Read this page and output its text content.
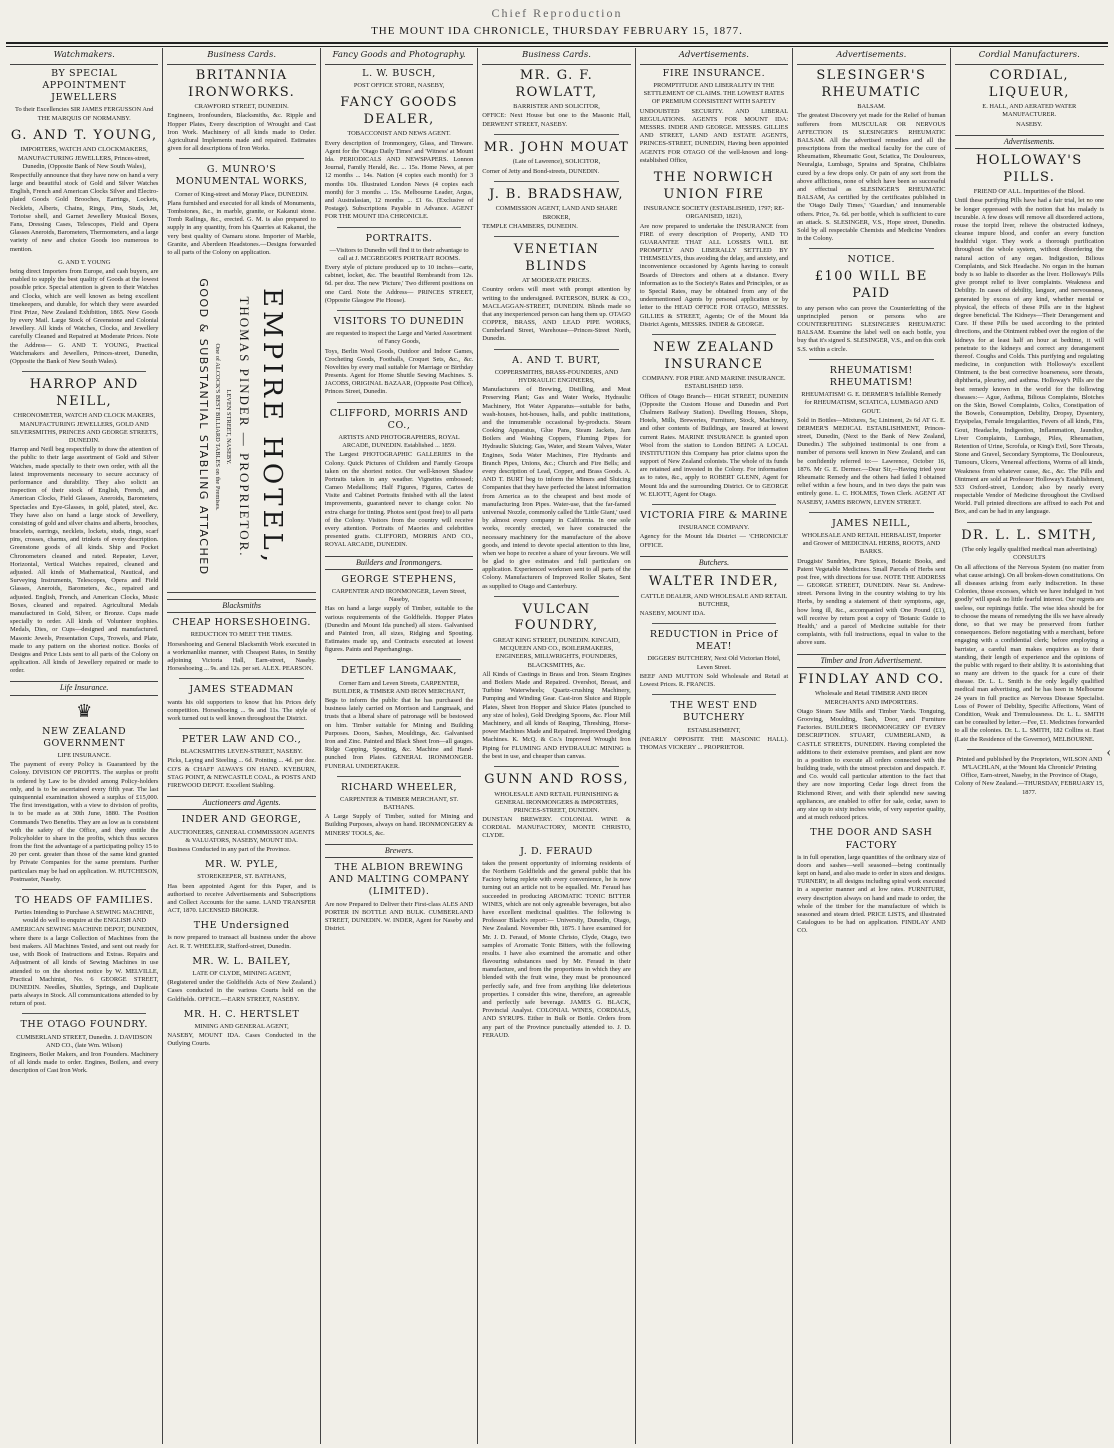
Chief Reproduction
THE MOUNT IDA CHRONICLE, THURSDAY FEBRUARY 15, 1877.
Watchmakers.
BY SPECIAL APPOINTMENT JEWELLERS
To their Excellencies SIR JAMES FERGUSSON And THE MARQUIS OF NORMANBY.
G. AND T. YOUNG,
IMPORTERS, WATCH AND CLOCKMAKERS, MANUFACTURING JEWELLERS, Princes-street, Dunedin, (Opposite Bank of New South Wales),
Respectfully announce that they have now on hand a very large and beautiful stock of Gold and Silver Watches English, French and American Clocks Silver and Electro-plated Goods Gold Brooches, Earrings, Lockets, Necklets, Alberts, Chains, Rings, Pins, Studs, Jet, Tortoise shell, and Garnet Jewellery Musical Boxes, Fans, Dressing Cases, Telescopes, Field and Opera Glasses Aneroids, Barometers, Thermometers, and a large variety of new and choice Goods too numerous to mention.
G. AND T. YOUNG
being direct Importers from Europe, and cash buyers, are enabled to supply the best quality of Goods at the lowest possible price. Special attention is given to their Watches and Clocks, which are well known as being excellent timekeepers, and durable, for which they were awarded First Prize, New Zealand Exhibition, 1865. New Goods by every Mail. Large Stock of Greenstone and Colonial Jewellery. All kinds of Watches, Clocks, and Jewellery carefully Cleaned and Repaired at Moderate Prices. Note the Address— G. AND T. YOUNG, Practical Watchmakers and Jewellers, Princes-street, Dunedin, (Opposite the Bank of New South Wales).
HARROP AND NEILL,
CHRONOMETER, WATCH AND CLOCK MAKERS, MANUFACTURING JEWELLERS, GOLD AND SILVERSMITHS, PRINCES AND GEORGE STREETS, DUNEDIN.
Harrop and Neill beg respectfully to draw the attention of the public to their large assortment of Gold and Silver Watches, made specially to their own order, with all the latest improvements necessary to secure accuracy of performance and durability. They also solicit an inspection of their stock of English, French, and American Clocks, Field Glasses, Aneroids, Barometers, Spectacles and Eye-Glasses, in gold, plated, steel, &c. They have also on hand a large stock of Jewellery, consisting of gold and silver chains and alberts, brooches, bracelets, earrings, necklets, lockets, studs, rings, scarf pins, crosses, charms, and trinkets of every description. Greenstone goods of all kinds. Ship and Pocket Chronometers cleaned and rated. Repeater, Lever, Horizontal, Vertical Watches repaired, cleaned and adjusted. All kinds of Mathematical, Nautical, and Surveying Instruments, Telescopes, Opera and Field Glasses, Aneroids, Barometers, &c., repaired and adjusted. English, French, and American Clocks, Music Boxes, cleaned and repaired. Agricultural Medals manufactured in Gold, Silver, or Bronze. Cups made specially to order. All kinds of Volunteer trophies. Medals, Dies, or Cups—designed and manufactured. Masonic Jewels, Presentation Cups, Trowels, and Plate, made to any pattern on the shortest notice. Books of Designs and Price Lists sent to all parts of the Colony on application. All kinds of Jewellery repaired or made to order.
Life Insurance.
♛
NEW ZEALAND GOVERNMENT
LIFE INSURANCE.
The payment of every Policy is Guaranteed by the Colony. DIVISION OF PROFITS. The surplus or profit is ordered by Law to be divided among Policy-holders only, and is to be ascertained every fifth year. The last quinquennial examination showed a surplus of £15,000. The first investigation, with a view to division of profits, is to be made as at 30th June, 1880. The Position Commands Two Benefits. They are as low as is consistent with the safety of the Office, and they entitle the Policyholder to share in the profits, which thus secures from the first the advantage of a participating policy 15 to 20 per cent. greater than those of the same kind granted by Private Companies for the same premium. Further particulars may be had on application. W. HUTCHESON, Postmaster, Naseby.
TO HEADS OF FAMILIES.
Parties Intending to Purchase A SEWING MACHINE, would do well to enquire at the ENGLISH AND AMERICAN SEWING MACHINE DEPOT, DUNEDIN,
where there is a large Collection of Machines from the best makers. All Machines Tested, and sent out ready for use, with Book of Instructions and Extras. Repairs and Adjustment of all kinds of Sewing Machines in use attended to on the shortest notice by W. MELVILLE, Practical Machinist, No. 6 GEORGE STREET, DUNEDIN. Needles, Shuttles, Springs, and Duplicate parts always in Stock. All communications attended to by return of post.
THE OTAGO FOUNDRY.
CUMBERLAND STREET, Dunedin. J. DAVIDSON AND CO., (late Wm. Wilson)
Engineers, Boiler Makers, and Iron Founders. Machinery of all kinds made to order. Engines, Boilers, and every description of Cast Iron Work.
Business Cards.
BRITANNIA IRONWORKS.
CRAWFORD STREET, DUNEDIN.
Engineers, Ironfounders, Blacksmiths, &c. Ripple and Hopper Plates, Every description of Wrought and Cast Iron Work. Machinery of all kinds made to Order. Agricultural Implements made and repaired. Estimates given for all descriptions of Iron Works.
G. MUNRO'S MONUMENTAL WORKS,
Corner of King-street and Moray Place, DUNEDIN.
Plans furnished and executed for all kinds of Monuments, Tombstones, &c., in marble, granite, or Kakanui stone. Tomb Railings, &c., erected. G. M. is also prepared to supply in any quantity, from his Quarries at Kakanui, the very best quality of Oamaru stone. Importer of Marble, Granite, and Aberdeen Headstones.—Designs forwarded to all parts of the Colony on application.
EMPIRE HOTEL,
THOMAS PINDER — PROPRIETOR.
LEVEN STREET, NASEBY.
One of ALCOCK'S BEST BILLIARD TABLES on the Premises.
GOOD & SUBSTANTIAL STABLING ATTACHED
Blacksmiths
CHEAP HORSESHOEING.
REDUCTION TO MEET THE TIMES.
Horseshoeing and General Blacksmith Work executed in a workmanlike manner, with Cheapest Rates, in Smithy adjoining Victoria Hall, Earn-street, Naseby. Horseshoeing ... 9s. and 12s. per set. ALEX. PEARSON.
JAMES STEADMAN
wants his old supporters to know that his Prices defy competition. Horseshoeing ... 9s and 11s. The style of work turned out is well known throughout the District.
PETER LAW AND CO.,
BLACKSMITHS LEVEN-STREET, NASEBY.
Picks, Laying and Steeling ... 6d. Pointing ... 4d. per doz. CO'S & CHAFF ALWAYS ON HAND. KYEBURN, STAG POINT, & NEWCASTLE COAL, & POSTS AND FIREWOOD DEPOT. Excellent Stabling.
Auctioneers and Agents.
INDER AND GEORGE,
AUCTIONEERS, GENERAL COMMISSION AGENTS & VALUATORS, NASEBY, MOUNT IDA.
Business Conducted in any part of the Province.
MR. W. PYLE,
STOREKEEPER, ST. BATHANS,
Has been appointed Agent for this Paper, and is authorised to receive Advertisements and Subscriptions and Collect Accounts for the same. LAND TRANSFER ACT, 1870. LICENSED BROKER.
THE Undersigned
is now prepared to transact all business under the above Act. R. T. WHEELER, Stafford-street, Dunedin.
MR. W. L. BAILEY,
LATE OF CLYDE, MINING AGENT,
(Registered under the Goldfields Acts of New Zealand.) Cases conducted in the various Courts held on the Goldfields. OFFICE.—EARN STREET, NASEBY.
MR. H. C. HERTSLET
MINING AND GENERAL AGENT,
NASEBY, MOUNT IDA. Cases Conducted in the Outlying Courts.
Fancy Goods and Photography.
L. W. BUSCH,
POST OFFICE STORE, NASEBY,
FANCY GOODS DEALER,
TOBACCONIST AND NEWS AGENT.
Every description of Ironmongery, Glass, and Tinware. Agent for the 'Otago Daily Times' and 'Witness' at Mount Ida. PERIODICALS AND NEWSPAPERS. Lonnon Journal, Family Herald, &c. ... 15s. Home News, at per 12 months ... 14s. Nation (4 copies each month) for 3 months 10s. Illustrated London News (4 copies each month) for 3 months ... 15s. Melbourne Leader, Argus, and Australasian, 12 months ... £1 6s. (Exclusive of Postage). Subscriptions Payable in Advance. AGENT FOR THE MOUNT IDA CHRONICLE.
PORTRAITS.
—Visitors to Dunedin will find it to their advantage to call at J. MCGREGOR'S PORTRAIT ROOMS.
Every style of picture produced up to 10 inches—carte, cabinet, locket, &c. The beautiful Rembrandt from 12s. 6d. per doz. The new 'Picture,' Two different positions on one Card. Note the Address— PRINCES STREET, (Opposite Glasgow Pie House).
VISITORS TO DUNEDIN
are requested to inspect the Large and Varied Assortment of Fancy Goods,
Toys, Berlin Wool Goods, Outdoor and Indoor Games, Crocheting Goods, Footballs, Croquet Sets, &c., &c. Novelties by every mail suitable for Marriage or Birthday Presents. Agent for Home Shuttle Sewing Machines. S. JACOBS, ORIGINAL BAZAAR, (Opposite Post Office), Princes Street, Dunedin.
CLIFFORD, MORRIS AND CO.,
ARTISTS AND PHOTOGRAPHERS, ROYAL ARCADE, DUNEDIN. Established ... 1859.
The Largest PHOTOGRAPHIC GALLERIES in the Colony. Quick Pictures of Children and Family Groups taken on the shortest notice. Our well-known Shadow Portraits taken in any weather. Vignettes embossed; Cameo Medallions; Half Figures, Figures, Cartes de Visite and Cabinet Portraits finished with all the latest improvements, guaranteed never to change color. No extra charge for tinting. Photos sent (post free) to all parts of the Colony. Visitors from the country will receive every attention. Portraits of Maories and celebrities presented gratis. CLIFFORD, MORRIS AND CO., ROYAL ARCADE, DUNEDIN.
Builders and Ironmongers.
GEORGE STEPHENS,
CARPENTER AND IRONMONGER, Leven Street, Naseby,
Has on hand a large supply of Timber, suitable to the various requirements of the Goldfields. Hopper Plates (Dunedin and Mount Ida punched) all sizes. Galvanised and Painted Iron, all sizes, Ridging and Spouting. Estimates made up, and Contracts executed at lowest figures. Paints and Paperhangings.
DETLEF LANGMAAK,
Corner Earn and Leven Streets, CARPENTER, BUILDER, & TIMBER AND IRON MERCHANT,
Begs to inform the public that he has purchased the business lately carried on Morrison and Langmaak, and trusts that a liberal share of patronage will be bestowed on him. Timber suitable for Mining and Building Purposes. Doors, Sashes, Mouldings, &c. Galvanised Iron and Zinc. Painted and Black Sheet Iron—all gauges. Ridge Capping, Spouting, &c. Machine and Hand-punched Iron Plates. GENERAL IRONMONGER. FUNERAL UNDERTAKER.
RICHARD WHEELER,
CARPENTER & TIMBER MERCHANT, ST. BATHANS.
A Large Supply of Timber, suited for Mining and Building Purposes, always on hand. IRONMONGERY & MINERS' TOOLS, &c.
Brewers.
THE ALBION BREWING AND MALTING COMPANY (LIMITED).
Are now Prepared to Deliver their First-class ALES AND PORTER IN BOTTLE AND BULK. CUMBERLAND STREET, DUNEDIN. W. INDER, Agent for Naseby and District.
Business Cards.
MR. G. F. ROWLATT,
BARRISTER AND SOLICITOR,
OFFICE: Next House but one to the Masonic Hall, DERWENT STREET, NASEBY.
MR. JOHN MOUAT
(Late of Lawrence), SOLICITOR,
Corner of Jetty and Bond-streets, DUNEDIN.
J. B. BRADSHAW,
COMMISSION AGENT, LAND AND SHARE BROKER,
TEMPLE CHAMBERS, DUNEDIN.
VENETIAN BLINDS
AT MODERATE PRICES.
Country orders will meet with prompt attention by writing to the undersigned. PATERSON, BURK & CO., MACLAGGAN-STREET, DUNEDIN. Blinds made so that any inexperienced person can hang them up. OTAGO COPPER, BRASS, AND LEAD PIPE WORKS, Cumberland Street, Warehouse—Princes-Street North, Dunedin.
A. AND T. BURT,
COPPERSMITHS, BRASS-FOUNDERS, AND HYDRAULIC ENGINEERS,
Manufacturers of Brewing, Distilling, and Meat Preserving Plant; Gas and Water Works, Hydraulic Machinery, Hot Water Apparatus—suitable for baths, wash-houses, hot-houses, halls, and public institutions, and the innumerable occasional by-products. Steam Cooking Apparatus, Glue Pans, Steam Jackets, Jam Boilers and Washing Coppers, Fluming Pipes for Hydraulic Sluicing; Gas, Water, and Steam Valves, Water Engines, Soda Water Machines, Fire Hydrants and Branch Pipes, Unions, &c.; Church and Fire Bells; and every description of Lead, Copper, and Brass Goods. A. AND T. BURT beg to inform the Miners and Sluicing Companies that they have perfected the latest information from America as to the cheapest and best mode of manufacturing Iron Pipes. Water-use, that the far-famed universal Nozzle, commonly called the 'Little Giant,' used by almost every company in California. In one sole works, recently erected, we have constructed the necessary machinery for the manufacture of the above goods, and intend to devote special attention to this line, when we hope to receive a share of your favours. We will be glad to give estimates and full particulars on application. Experienced workmen sent to all parts of the Colony. Manufacturers of Improved Roller Skates, Sent as supplied to Otago and Canterbury.
VULCAN FOUNDRY,
GREAT KING STREET, DUNEDIN. KINCAID, MCQUEEN AND CO., BOILERMAKERS, ENGINEERS, MILLWRIGHTS, FOUNDERS, BLACKSMITHS, &c.
All Kinds of Castings in Brass and Iron. Steam Engines and Boilers Made and Repaired. Overshot, Breast, and Turbine Waterwheels; Quartz-crushing Machinery, Pumping and Winding Gear. Cast-iron Sluice and Ripple Plates, Sheet Iron Hopper and Sluice Plates (punched to any size of holes), Gold Dredging Spoons, &c. Flour Mill Machinery, and all kinds of Reaping, Threshing, Horse-power Machines Made and Repaired. Improved Dredging Machines. K. McQ. & Co.'s Improved Wrought Iron Piping for FLUMING AND HYDRAULIC MINING is the best in use, and cheaper than canvas.
GUNN AND ROSS,
WHOLESALE AND RETAIL FURNISHING & GENERAL IRONMONGERS & IMPORTERS, PRINCES-STREET, DUNEDIN.
DUNSTAN BREWERY. COLONIAL WINE & CORDIAL MANUFACTORY, MONTE CHRISTO, CLYDE.
J. D. FERAUD
takes the present opportunity of informing residents of the Northern Goldfields and the general public that his Factory being replete with every convenience, he is now turning out an article not to be equalled. Mr. Feraud has succeeded in producing AROMATIC TONIC BITTER WINES, which are not only agreeable beverages, but also have excellent medicinal qualities. The following is Professor Black's report:— University, Dunedin, Otago, New Zealand. November 8th, 1875. I have examined for Mr. J. D. Feraud, of Monte Christo, Clyde, Otago, two samples of Aromatic Tonic Bitters, with the following results. I have also examined the aromatic and other flavouring substances used by Mr. Feraud in their manufacture, and from the proportions in which they are blended with the fruit wine, they must be pronounced perfectly safe, and free from anything like deleterious properties. I consider this wine, therefore, an agreeable and perfectly safe beverage. JAMES G. BLACK, Provincial Analyst. COLONIAL WINES, CORDIALS, AND SYRUPS. Either in Bulk or Bottle. Orders from any part of the Province punctually attended to. J. D. FERAUD.
Advertisements.
FIRE INSURANCE.
PROMPTITUDE AND LIBERALITY IN THE SETTLEMENT OF CLAIMS. THE LOWEST RATES OF PREMIUM CONSISTENT WITH SAFETY
UNDOUBTED SECURITY. AND LIBERAL REGULATIONS. AGENTS FOR MOUNT IDA: MESSRS. INDER AND GEORGE. MESSRS. GILLIES AND STREET, LAND AND ESTATE AGENTS, PRINCES-STREET, DUNEDIN, Having been appointed AGENTS FOR OTAGO Of the well-known and long-established Office,
THE NORWICH UNION FIRE
INSURANCE SOCIETY (ESTABLISHED, 1797; RE-ORGANISED, 1821),
Are now prepared to undertake the INSURANCE from FIRE of every description of Property, AND TO GUARANTEE THAT ALL LOSSES WILL BE PROMPTLY AND LIBERALLY SETTLED BY THEMSELVES, thus avoiding the delay, and anxiety, and inconvenience occasioned by Agents having to consult Boards of Directors and others at a distance. Every information as to the Society's Rates and Principles, or as to Special Rates, may be obtained from any of the undermentioned Agents by personal application or by letter to the HEAD OFFICE FOR OTAGO, MESSRS. GILLIES & STREET, Agents; Or of the Mount Ida District Agents, MESSRS. INDER & GEORGE.
NEW ZEALAND INSURANCE
COMPANY. FOR FIRE AND MARINE INSURANCE. ESTABLISHED 1859.
Offices of Otago Branch— HIGH STREET, DUNEDIN (Opposite the Custom House and Dunedin and Port Chalmers Railway Station). Dwelling Houses, Shops, Hotels, Mills, Breweries, Furniture, Stock, Machinery, and other contents of Buildings, are Insured at lowest current Rates. MARINE INSURANCE Is granted upon Wool from the station to London BEING A LOCAL INSTITUTION this Company has prior claims upon the support of New Zealand colonists. The whole of its funds are retained and invested in the Colony. For information as to rates, &c., apply to ROBERT GLENN, Agent for Mount Ida and the surrounding District. Or to GEORGE W. ELIOTT, Agent for Otago.
VICTORIA FIRE & MARINE
INSURANCE COMPANY.
Agency for the Mount Ida District — 'CHRONICLE' OFFICE.
Butchers.
WALTER INDER,
CATTLE DEALER, AND WHOLESALE AND RETAIL BUTCHER,
NASEBY, MOUNT IDA.
REDUCTION in Price of MEAT!
DIGGERS' BUTCHERY, Next Old Victorian Hotel, Leven Street.
BEEF AND MUTTON Sold Wholesale and Retail at Lowest Prices. R. FRANCIS.
THE WEST END BUTCHERY
ESTABLISHMENT,
(NEARLY OPPOSITE THE MASONIC HALL). THOMAS VICKERY ... PROPRIETOR.
Advertisements.
SLESINGER'S RHEUMATIC
BALSAM.
The greatest Discovery yet made for the Relief of human sufferers from MUSCULAR OR NERVOUS AFFECTION IS SLESINGER'S RHEUMATIC BALSAM. All the advertised remedies and all the prescriptions from the medical faculty for the cure of Rheumatism, Rheumatic Gout, Sciatica, Tic Douloureux, Neuralgia, Lumbago, Sprains and Spraina, Chilblains cured by a few drops only. Or pain of any sort from the above afflictions, none of which have been so successful and effectual as SLESINGER'S RHEUMATIC BALSAM, As certified by the certificates published in the 'Otago Daily Times,' 'Guardian,' and innumerable others. Price, 7s. 6d. per bottle, which is sufficient to cure an attack. S. SLESINGER, V.S., Hope street, Dunedin. Sold by all respectable Chemists and Medicine Vendors in the Colony.
NOTICE.
£100 WILL BE PAID
to any person who can prove the Counterfeiting of the unprincipled person or persons who are COUNTERFEITING SLESINGER'S RHEUMATIC BALSAM. Examine the label well on each bottle, you buy that it's signed S. SLESINGER, V.S., and on this cork S.S. within a circle.
RHEUMATISM! RHEUMATISM!
RHEUMATISM! G. E. DERMER'S Infallible Remedy for RHEUMATISM, SCIATICA, LUMBAGO AND GOUT.
Sold in Bottles—Mixtures, 5s; Liniment, 2s 6d AT G. E. DERMER'S MEDICAL ESTABLISHMENT, Princes-street, Dunedin, (Next to the Bank of New Zealand, Dunedin.) The subjoined testimonial is one from a number of persons well known in New Zealand, and can be confidently referred to:— Lawrence, October 16, 1876. Mr G. E. Dermer.—Dear Sir,—Having tried your Rheumatic Remedy and the others had failed I obtained relief within a few hours, and in two days the pain was entirely gone. L. C. HOLMES, Town Clerk. AGENT AT NASEBY, JAMES BROWN, LEVEN STREET.
JAMES NEILL,
WHOLESALE AND RETAIL HERBALIST, Importer and Grower of MEDICINAL HERBS, ROOTS, AND BARKS.
Druggists' Sundries, Pure Spices, Botanic Books, and Patent Vegetable Medicines. Small Parcels of Herbs sent post free, with directions for use. NOTE THE ADDRESS— GEORGE STREET, DUNEDIN. Near St. Andrew-street. Persons living in the country wishing to try his Herbs, by sending a statement of their symptoms, age, how long ill, &c., accompanied with One Pound (£1), will receive by return post a copy of 'Botanic Guide to Health,' and a parcel of Medicine suitable for their complaints, with full instructions, equal in value to the above sum.
Timber and Iron Advertisement.
FINDLAY AND CO.
Wholesale and Retail TIMBER AND IRON MERCHANTS AND IMPORTERS.
Otago Steam Saw Mills and Timber Yards. Tonguing, Grooving, Moulding, Sash, Door, and Furniture Factories. BUILDER'S IRONMONGERY OF EVERY DESCRIPTION. STUART, CUMBERLAND, & CASTLE STREETS, DUNEDIN. Having completed the additions to their extensive premises, and plant are now in a position to execute all orders connected with the building trade, with the utmost precision and despatch. F. and Co. would call particular attention to the fact that they are now importing Cedar logs direct from the Richmond River, and with their splendid new sawing appliances, are enabled to offer for sale, cedar, sawn to any size up to sixty inches wide, of very superior quality, and at much reduced prices.
THE DOOR AND SASH FACTORY
is in full operation, large quantities of the ordinary size of doors and sashes—well seasoned—being continually kept on hand, and also made to order in sizes and designs. TURNERY, in all designs including spiral work executed in a superior manner and at low rates. FURNITURE, every description always on hand and made to order, the whole of the timber for the manufacture of which is seasoned and steam dried. PRICE LISTS, and illustrated Catalogues to be had on application. FINDLAY AND CO.
Cordial Manufacturers.
CORDIAL, LIQUEUR,
E. HALL, AND AERATED WATER MANUFACTURER.
NASEBY.
Advertisements.
HOLLOWAY'S PILLS.
FRIEND OF ALL. Impurities of the Blood.
Until these purifying Pills have had a fair trial, let no one be longer oppressed with the notion that his malady is incurable. A few doses will remove all disordered actions, rouse the torpid liver, relieve the obstructed kidneys, cleanse impure blood, and confer an every function healthful vigor. They work a thorough purification throughout the whole system, without disordering the natural action of any organ. Indigestion, Bilious Complaints, and Sick Headache. No organ in the human body is so liable to disorder as the liver. Holloway's Pills give prompt relief to liver complaints. Weakness and Debility. In cases of debility, languor, and nervousness, generated by excess of any kind, whether mental or physical, the effects of these Pills are in the highest degree beneficial. The Kidneys—Their Derangement and Cure. If these Pills be used according to the printed directions, and the Ointment rubbed over the region of the kidneys for at least half an hour at bedtime, it will penetrate to the kidneys and correct any derangement thereof. Coughs and Colds. This purifying and regulating medicine, in conjunction with Holloway's excellent Ointment, is the best corrective hoarseness, sore throats, diphtheria, pleurisy, and asthma. Holloway's Pills are the best remedy known in the world for the following diseases:— Ague, Asthma, Bilious Complaints, Blotches on the Skin, Bowel Complaints, Colics, Constipation of the Bowels, Consumption, Debility, Dropsy, Dysentery, Erysipelas, Female Irregularities, Fevers of all kinds, Fits, Gout, Headache, Indigestion, Inflammation, Jaundice, Liver Complaints, Lumbago, Piles, Rheumatism, Retention of Urine, Scrofula, or King's Evil, Sore Throats, Stone and Gravel, Secondary Symptoms, Tic Douloureux, Tumours, Ulcers, Venereal affections, Worms of all kinds, Weakness from whatever cause, &c., &c. The Pills and Ointment are sold at Professor Holloway's Establishment, 533 Oxford-street, London; also by nearly every respectable Vendor of Medicine throughout the Civilised World. Full printed directions are affixed to each Pot and Box, and can be had in any language.
DR. L. L. SMITH,
(The only legally qualified medical man advertising) CONSULTS
On all affections of the Nervous System (no matter from what cause arising). On all broken-down constitutions. On all diseases arising from early indiscretion. In these Colonies, those excesses, which we have indulged in 'not goodly' will speak no little fearful interest. Our regrets are useless, our repinings futile. The wise idea should be for to choose the means of remedying the ills we have already done, so that we may be preserved from further consequences. Before negotiating with a merchant, before engaging with a confidential clerk; before employing a barrister, a careful man makes enquiries as to their standing, their length of experience and the opinions of the public with regard to their ability. It is astonishing that so many are driven to the quack for a cure of their disease. Dr. L. L. Smith is the only legally qualified medical man advertising, and he has been in Melbourne 24 years in full practice as Nervous Disease Specialist. Loss of Power of Debility, Specific Affections, Want of Condition, Weak and Tremulousness. Dr. L. L. SMITH can be consulted by letter.—Fee, £1. Medicines forwarded to all the colonies. Dr. L. L. SMITH, 182 Collins st. East (Late the Residence of the Governor), MELBOURNE.
Printed and published by the Proprietors, WILSON AND M'LACHLAN, at the 'Mount Ida Chronicle' Printing Office, Earn-street, Naseby, in the Province of Otago, Colony of New Zealand.—THURSDAY, FEBRUARY 15, 1877.
‹
